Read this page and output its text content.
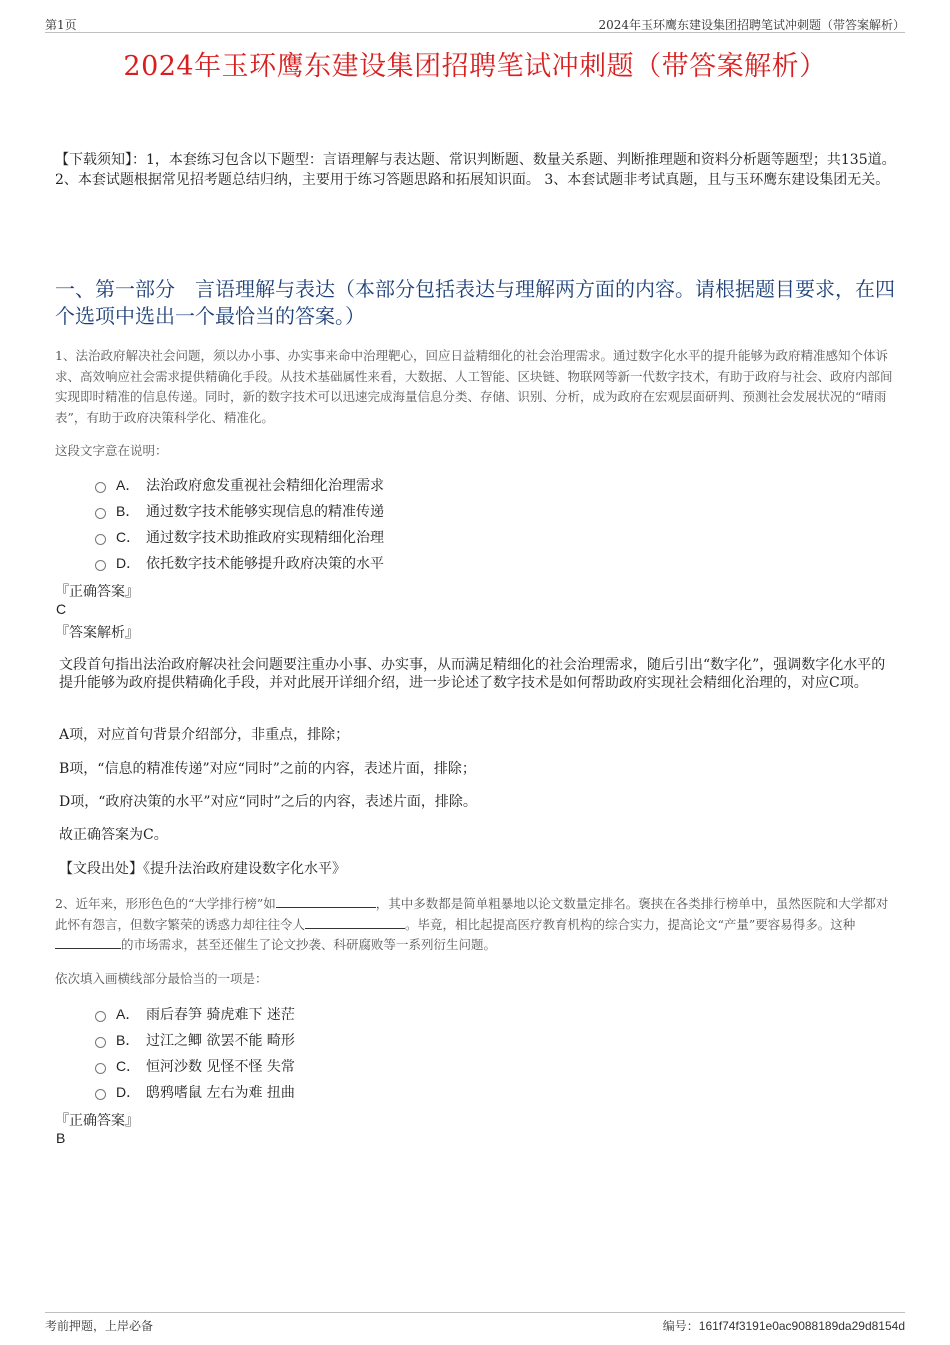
第1页	2024年玉环鹰东建设集团招聘笔试冲刺题（带答案解析）
2024年玉环鹰东建设集团招聘笔试冲刺题（带答案解析）
【下载须知】：1，本套练习包含以下题型：言语理解与表达题、常识判断题、数量关系题、判断推理题和资料分析题等题型；共135道。 2、本套试题根据常见招考题总结归纳，主要用于练习答题思路和拓展知识面。 3、本套试题非考试真题，且与玉环鹰东建设集团无关。
一、第一部分　言语理解与表达（本部分包括表达与理解两方面的内容。请根据题目要求，在四个选项中选出一个最恰当的答案。）
1、法治政府解决社会问题，须以办小事、办实事来命中治理靶心，回应日益精细化的社会治理需求。通过数字化水平的提升能够为政府精准感知个体诉求、高效响应社会需求提供精确化手段。从技术基础属性来看，大数据、人工智能、区块链、物联网等新一代数字技术，有助于政府与社会、政府内部间实现即时精准的信息传递。同时，新的数字技术可以迅速完成海量信息分类、存储、识别、分析，成为政府在宏观层面研判、预测社会发展状况的“晴雨表”，有助于政府决策科学化、精准化。
这段文字意在说明：
A． 法治政府愈发重视社会精细化治理需求
B． 通过数字技术能够实现信息的精准传递
C． 通过数字技术助推政府实现精细化治理
D． 依托数字技术能够提升政府决策的水平
『正确答案』
C
『答案解析』
文段首句指出法治政府解决社会问题要注重办小事、办实事，从而满足精细化的社会治理需求，随后引出“数字化”，强调数字化水平的提升能够为政府提供精确化手段，并对此展开详细介绍，进一步论述了数字技术是如何帮助政府实现社会精细化治理的，对应C项。
A项，对应首句背景介绍部分，非重点，排除；
B项，“信息的精准传递”对应“同时”之前的内容，表述片面，排除；
D项，“政府决策的水平”对应“同时”之后的内容，表述片面，排除。
故正确答案为C。
【文段出处】《提升法治政府建设数字化水平》
2、近年来，形形色色的“大学排行榜”如	，其中多数都是简单粗暴地以论文数量定排名。褒挟在各类排行榜单中，虽然医院和大学都对此怀有怨言，但数字繁荣的诱惑力却往往令人	。毕竟，相比起提高医疗教育机构的综合实力，提高论文“产量”要容易得多。这种的市场需求，甚至还催生了论文抄袭、科研腐败等一系列衍生问题。
依次填入画横线部分最恰当的一项是：
A． 雨后春笋 骑虎难下 迷茫
B． 过江之鲫 欲罢不能 畸形
C． 恒河沙数 见怪不怪 失常
D． 鸱鸦嗜鼠 左右为难 扭曲
『正确答案』
B
考前押题，上岸必备	编号：161f74f3191e0ac9088189da29d8154d
